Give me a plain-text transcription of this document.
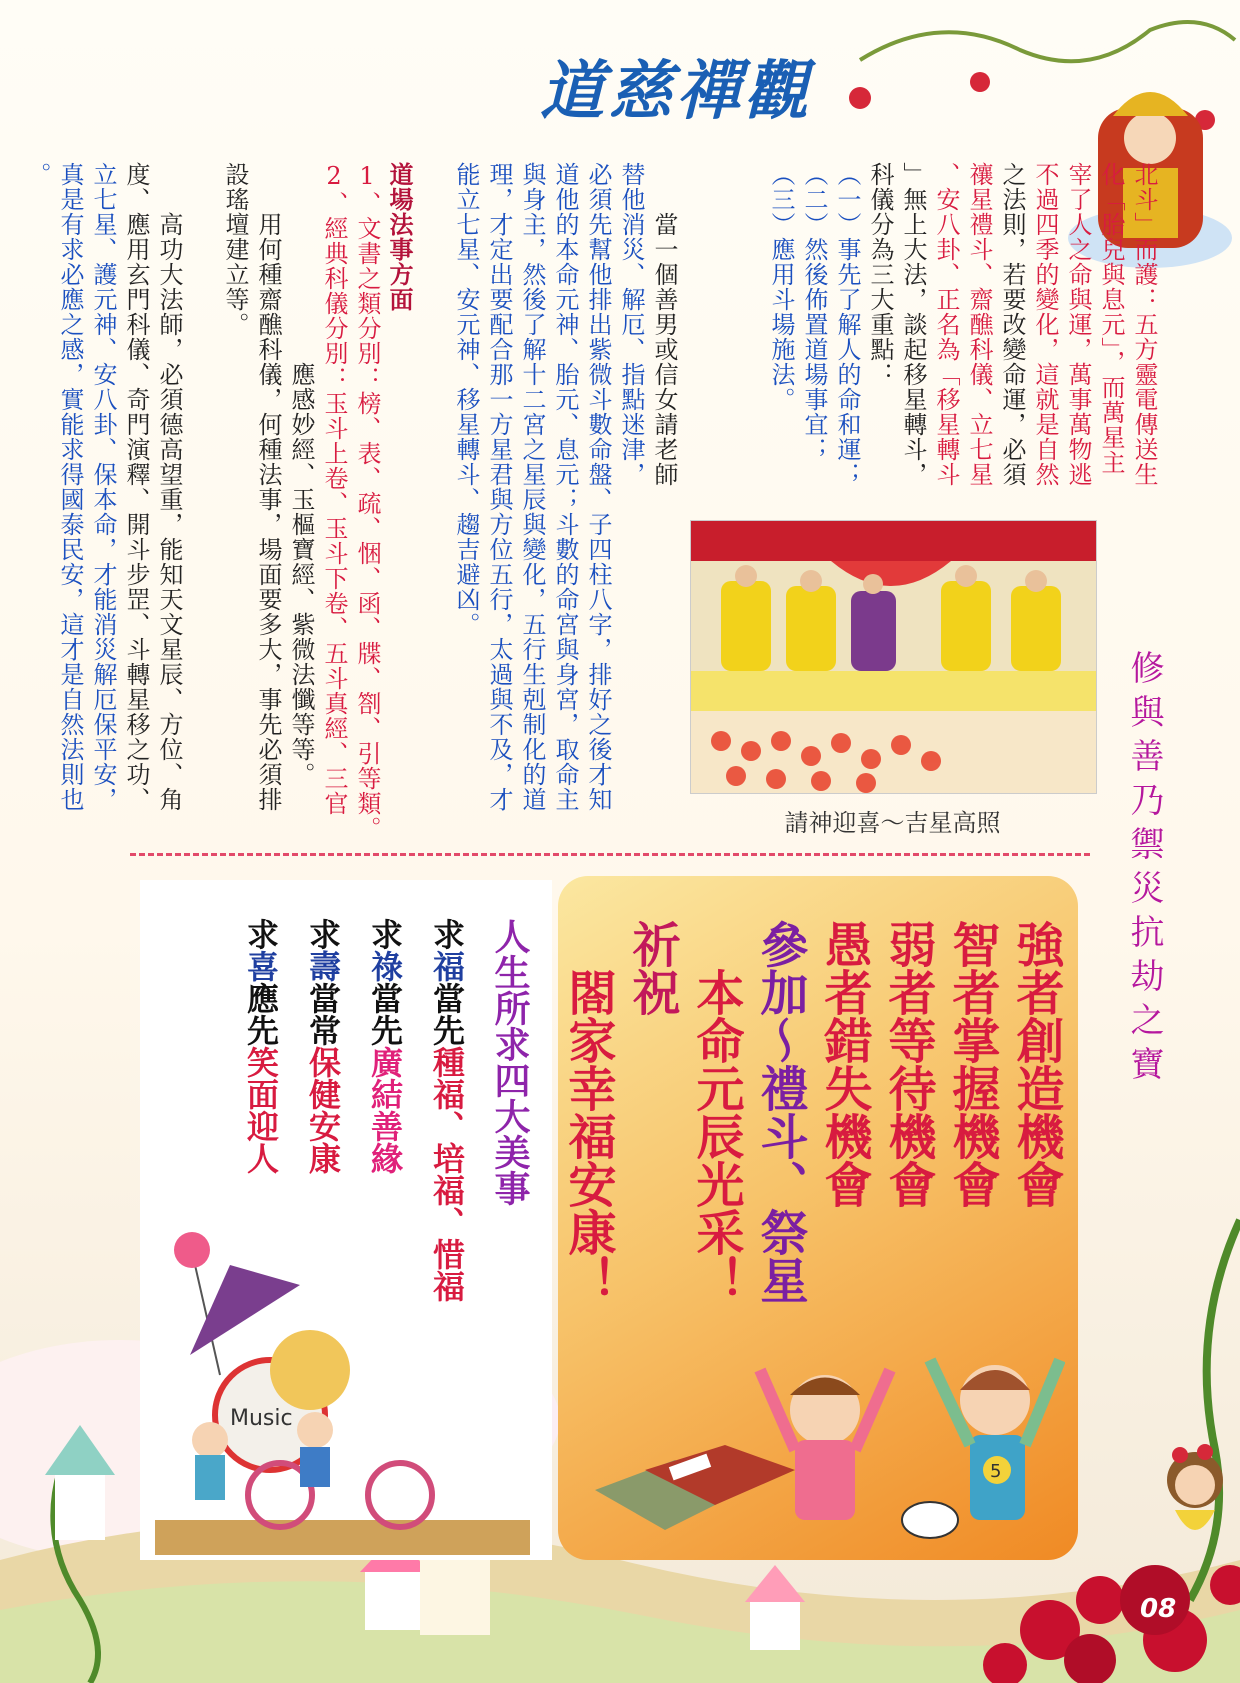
道慈禪觀
修與善乃禦災抗劫之寶
北斗」而護：五方靈電傳送生
化「胎兒與息元」，而萬星主
宰了人之命與運，萬事萬物逃
不過四季的變化，這就是自然
之法則，若要改變命運，必須
禳星禮斗、齋醮科儀、立七星
、安八卦、正名為「移星轉斗
」無上大法，談起移星轉斗，
科儀分為三大重點：
（一）事先了解人的命和運；
（二）然後佈置道場事宜；
（三）應用斗場施法。
　　當一個善男或信女請老師
替他消災、解厄、指點迷津，
必須先幫他排出紫微斗數命盤、子四柱八字，排好之後才知
道他的本命元神、胎元、息元；斗數的命宮與身宮，取命主
與身主，然後了解十二宮之星辰與變化，五行生剋制化的道
理，才定出要配合那一方星君與方位五行，太過與不及，才
能立七星、安元神、移星轉斗、趨吉避凶。

道場法事方面
1、文書之類分別：榜、表、疏、悃、函、牒、劄、引等類。
2、經典科儀分別：玉斗上卷、玉斗下卷、五斗真經、三官
　　　　　　　　應感妙經、玉樞寶經、紫微法懺等等。
　　用何種齋醮科儀，何種法事，場面要多大，事先必須排
設瑤壇建立等。

　　高功大法師，必須德高望重，能知天文星辰、方位、角
度、應用玄門科儀、奇門演釋、開斗步罡、斗轉星移之功、
立七星、護元神、安八卦、保本命，才能消災解厄保平安，
真是有求必應之感，實能求得國泰民安，這才是自然法則也
。
請神迎喜～吉星高照
人生所求四大美事
求福當先種福、培福、惜福
求祿當先廣結善緣
求壽當常保健安康
求喜應先笑面迎人
Music
強者創造機會
智者掌握機會
弱者等待機會
愚者錯失機會
參加～禮斗、祭星
　本命元辰光采！
祈祝
　閤家幸福安康！
5
08
